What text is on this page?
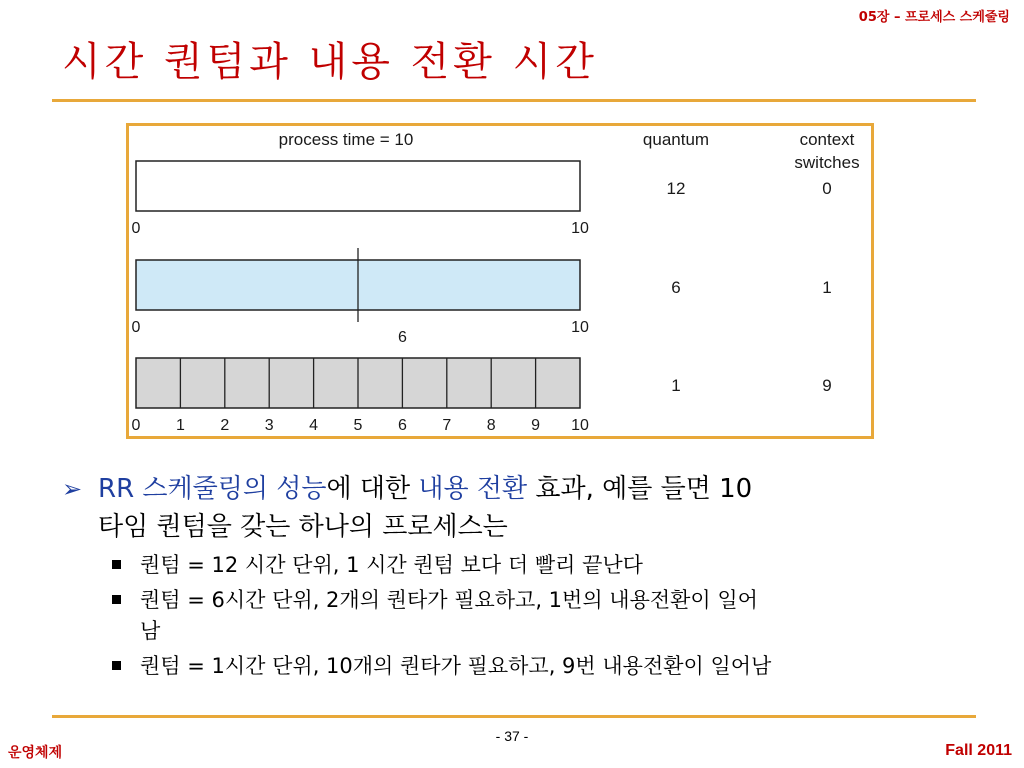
05장 – 프로세스 스케줄링
시간 퀀텀과 내용 전환 시간
process time = 10	quantum	context
switches
0	10
12	0
0	10
6
6	1
0 1 2 3 4 5 6 7 8 9 10
1	9
➢ RR 스케줄링의 성능에 대한 내용 전환 효과, 예를 들면 10
타임 퀀텀을 갖는 하나의 프로세스는
퀀텀 = 12 시간 단위, 1 시간 퀀텀 보다 더 빨리 끝난다
퀀텀 = 6시간 단위, 2개의 퀀타가 필요하고, 1번의 내용전환이 일어
남
퀀텀 = 1시간 단위, 10개의 퀀타가 필요하고, 9번 내용전환이 일어남
- 37 -
운영체제	Fall 2011
